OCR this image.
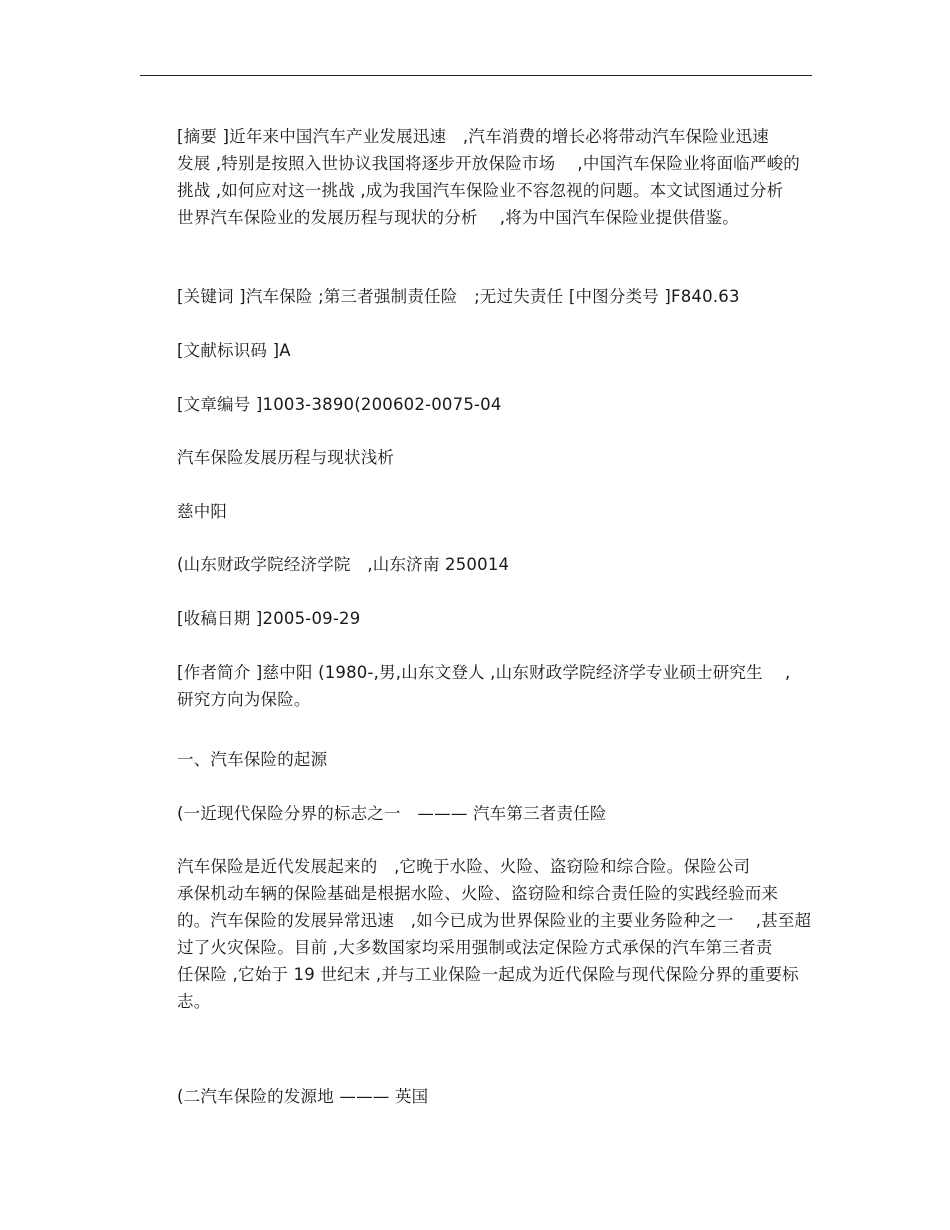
[摘要 ]近年来中国汽车产业发展迅速　,汽车消费的增长必将带动汽车保险业迅速
发展 ,特别是按照入世协议我国将逐步开放保险市场　 ,中国汽车保险业将面临严峻的
挑战 ,如何应对这一挑战 ,成为我国汽车保险业不容忽视的问题。本文试图通过分析
世界汽车保险业的发展历程与现状的分析　 ,将为中国汽车保险业提供借鉴。

[关键词 ]汽车保险 ;第三者强制责任险　;无过失责任 [中图分类号 ]F840.63

[文献标识码 ]A

[文章编号 ]1003-3890(200602-0075-04

汽车保险发展历程与现状浅析

慈中阳

(山东财政学院经济学院　,山东济南 250014

[收稿日期 ]2005-09-29

[作者简介 ]慈中阳 (1980-,男,山东文登人 ,山东财政学院经济学专业硕士研究生　 ,
研究方向为保险。

一、汽车保险的起源

(一近现代保险分界的标志之一　——— 汽车第三者责任险

汽车保险是近代发展起来的　,它晚于水险、火险、盗窃险和综合险。保险公司
承保机动车辆的保险基础是根据水险、火险、盗窃险和综合责任险的实践经验而来
的。汽车保险的发展异常迅速　,如今已成为世界保险业的主要业务险种之一　 ,甚至超
过了火灾保险。目前 ,大多数国家均采用强制或法定保险方式承保的汽车第三者责
任保险 ,它始于 19 世纪末 ,并与工业保险一起成为近代保险与现代保险分界的重要标
志。

(二汽车保险的发源地 ——— 英国
